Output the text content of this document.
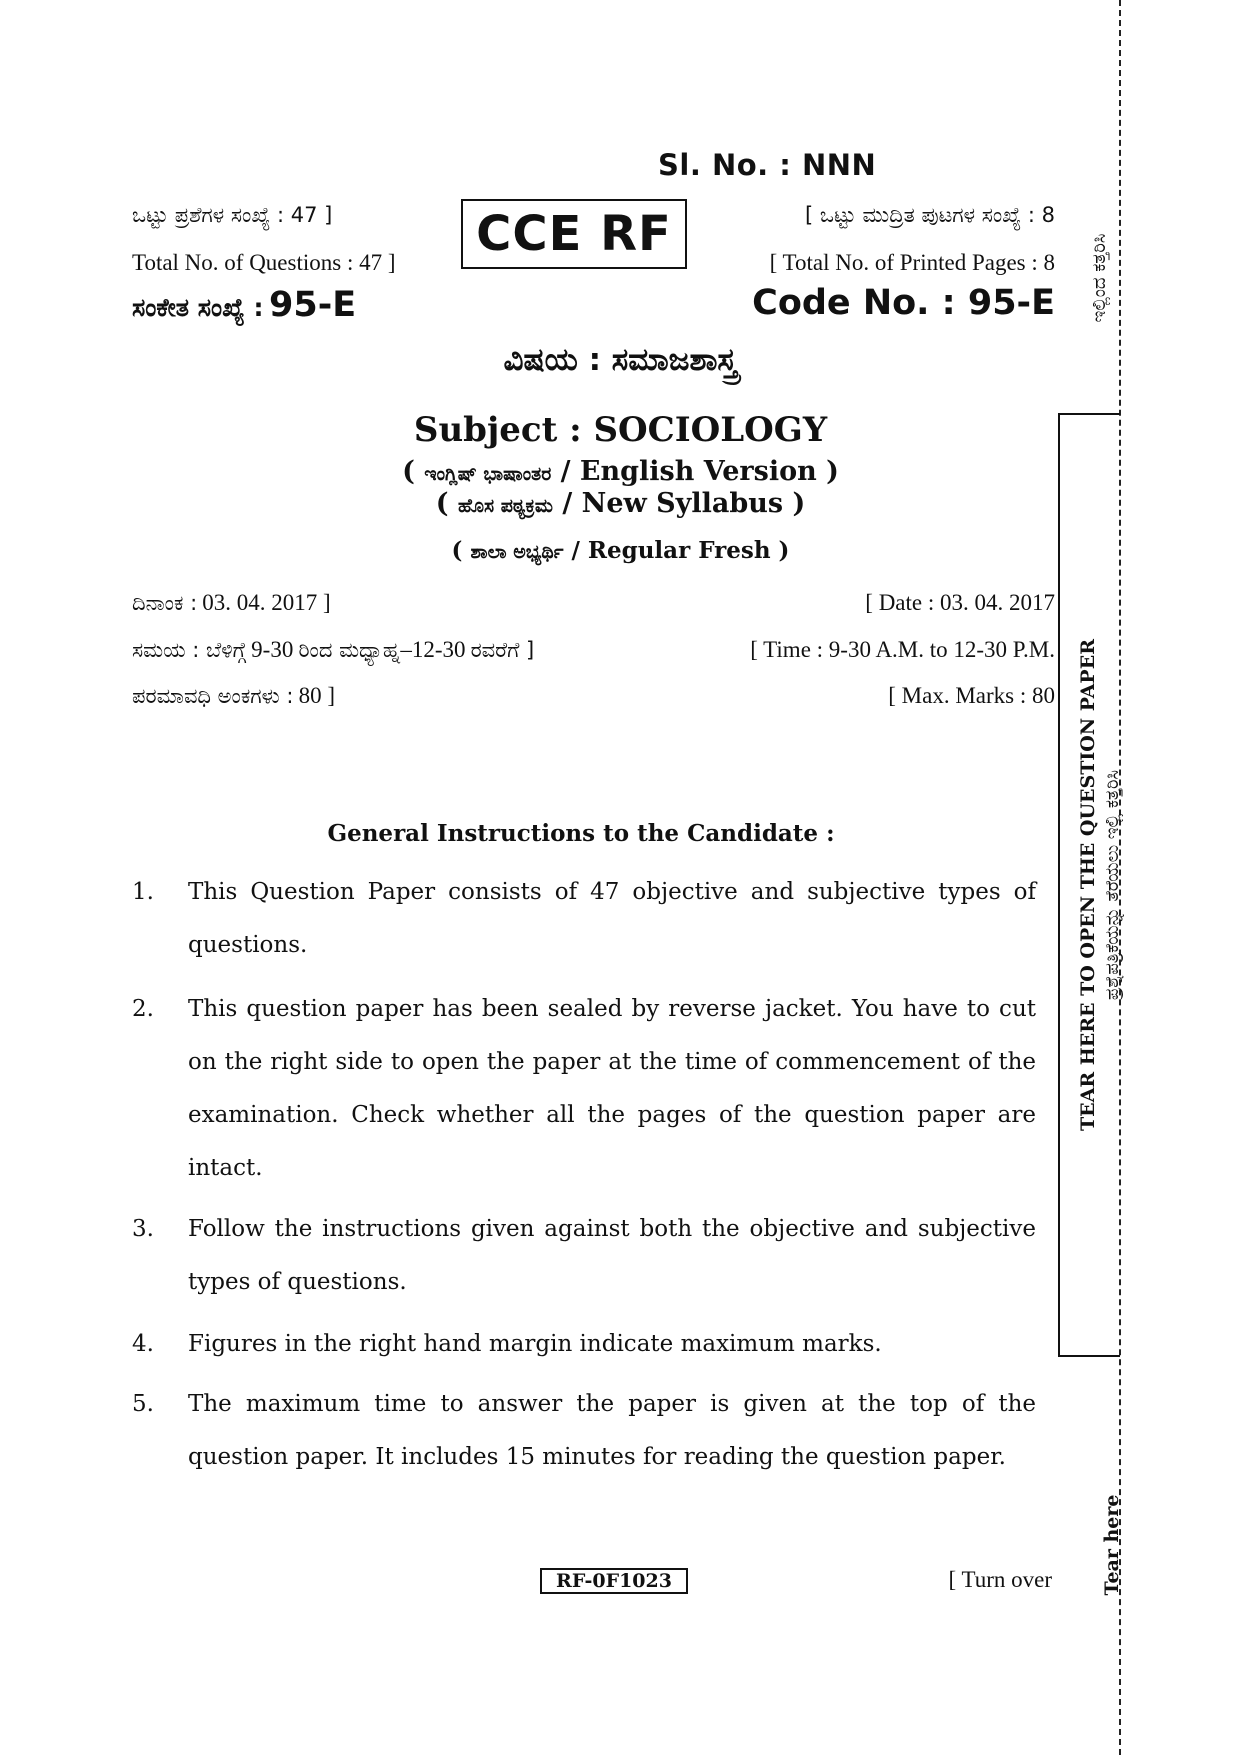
Sl. No. : NNN
ಒಟ್ಟು ಪ್ರಶೆಗಳ ಸಂಖ್ಯೆ : 47 ]	CCE RF	[ ಒಟ್ಟು ಮುದ್ರಿತ ಪುಟಗಳ ಸಂಖ್ಯೆ : 8
Total No. of Questions : 47 ]	[ Total No. of Printed Pages : 8
ಸಂಕೇತ ಸಂಖ್ಯೆ : 95-E	Code No. : 95-E
ವಿಷಯ : ಸಮಾಜಶಾಸ್ತ್ರ
Subject : SOCIOLOGY
( ಇಂಗ್ಲಿಷ್ ಭಾಷಾಂತರ / English Version )
( ಹೊಸ ಪಠ್ಯಕ್ರಮ / New Syllabus )
( ಶಾಲಾ ಅಭ್ಯರ್ಥಿ / Regular Fresh )
ದಿನಾಂಕ : 03. 04. 2017 ]	[ Date : 03. 04. 2017
ಸಮಯ : ಬೆಳಿಗ್ಗೆ 9-30 ರಿಂದ ಮಧ್ಯಾಹ್ನ–12-30 ರವರೆಗೆ ]	[ Time : 9-30 A.M. to 12-30 P.M.
ಪರಮಾವಧಿ ಅಂಕಗಳು : 80 ]	[ Max. Marks : 80
General Instructions to the Candidate :
1. This Question Paper consists of 47 objective and subjective types of questions.
2. This question paper has been sealed by reverse jacket. You have to cut on the right side to open the paper at the time of commencement of the examination. Check whether all the pages of the question paper are intact.
3. Follow the instructions given against both the objective and subjective types of questions.
4. Figures in the right hand margin indicate maximum marks.
5. The maximum time to answer the paper is given at the top of the question paper. It includes 15 minutes for reading the question paper.
RF-0F1023	[ Turn over
ಇಲ್ಲಿಂದ ಕತ್ತರಿಸಿ
TEAR HERE TO OPEN THE QUESTION PAPER ಪ್ರಶ್ನೆಪತ್ರಿಕೆಯನ್ನು ತೆರೆಯಲು ಇಲ್ಲಿ ಕತ್ತರಿಸಿ
Tear here
